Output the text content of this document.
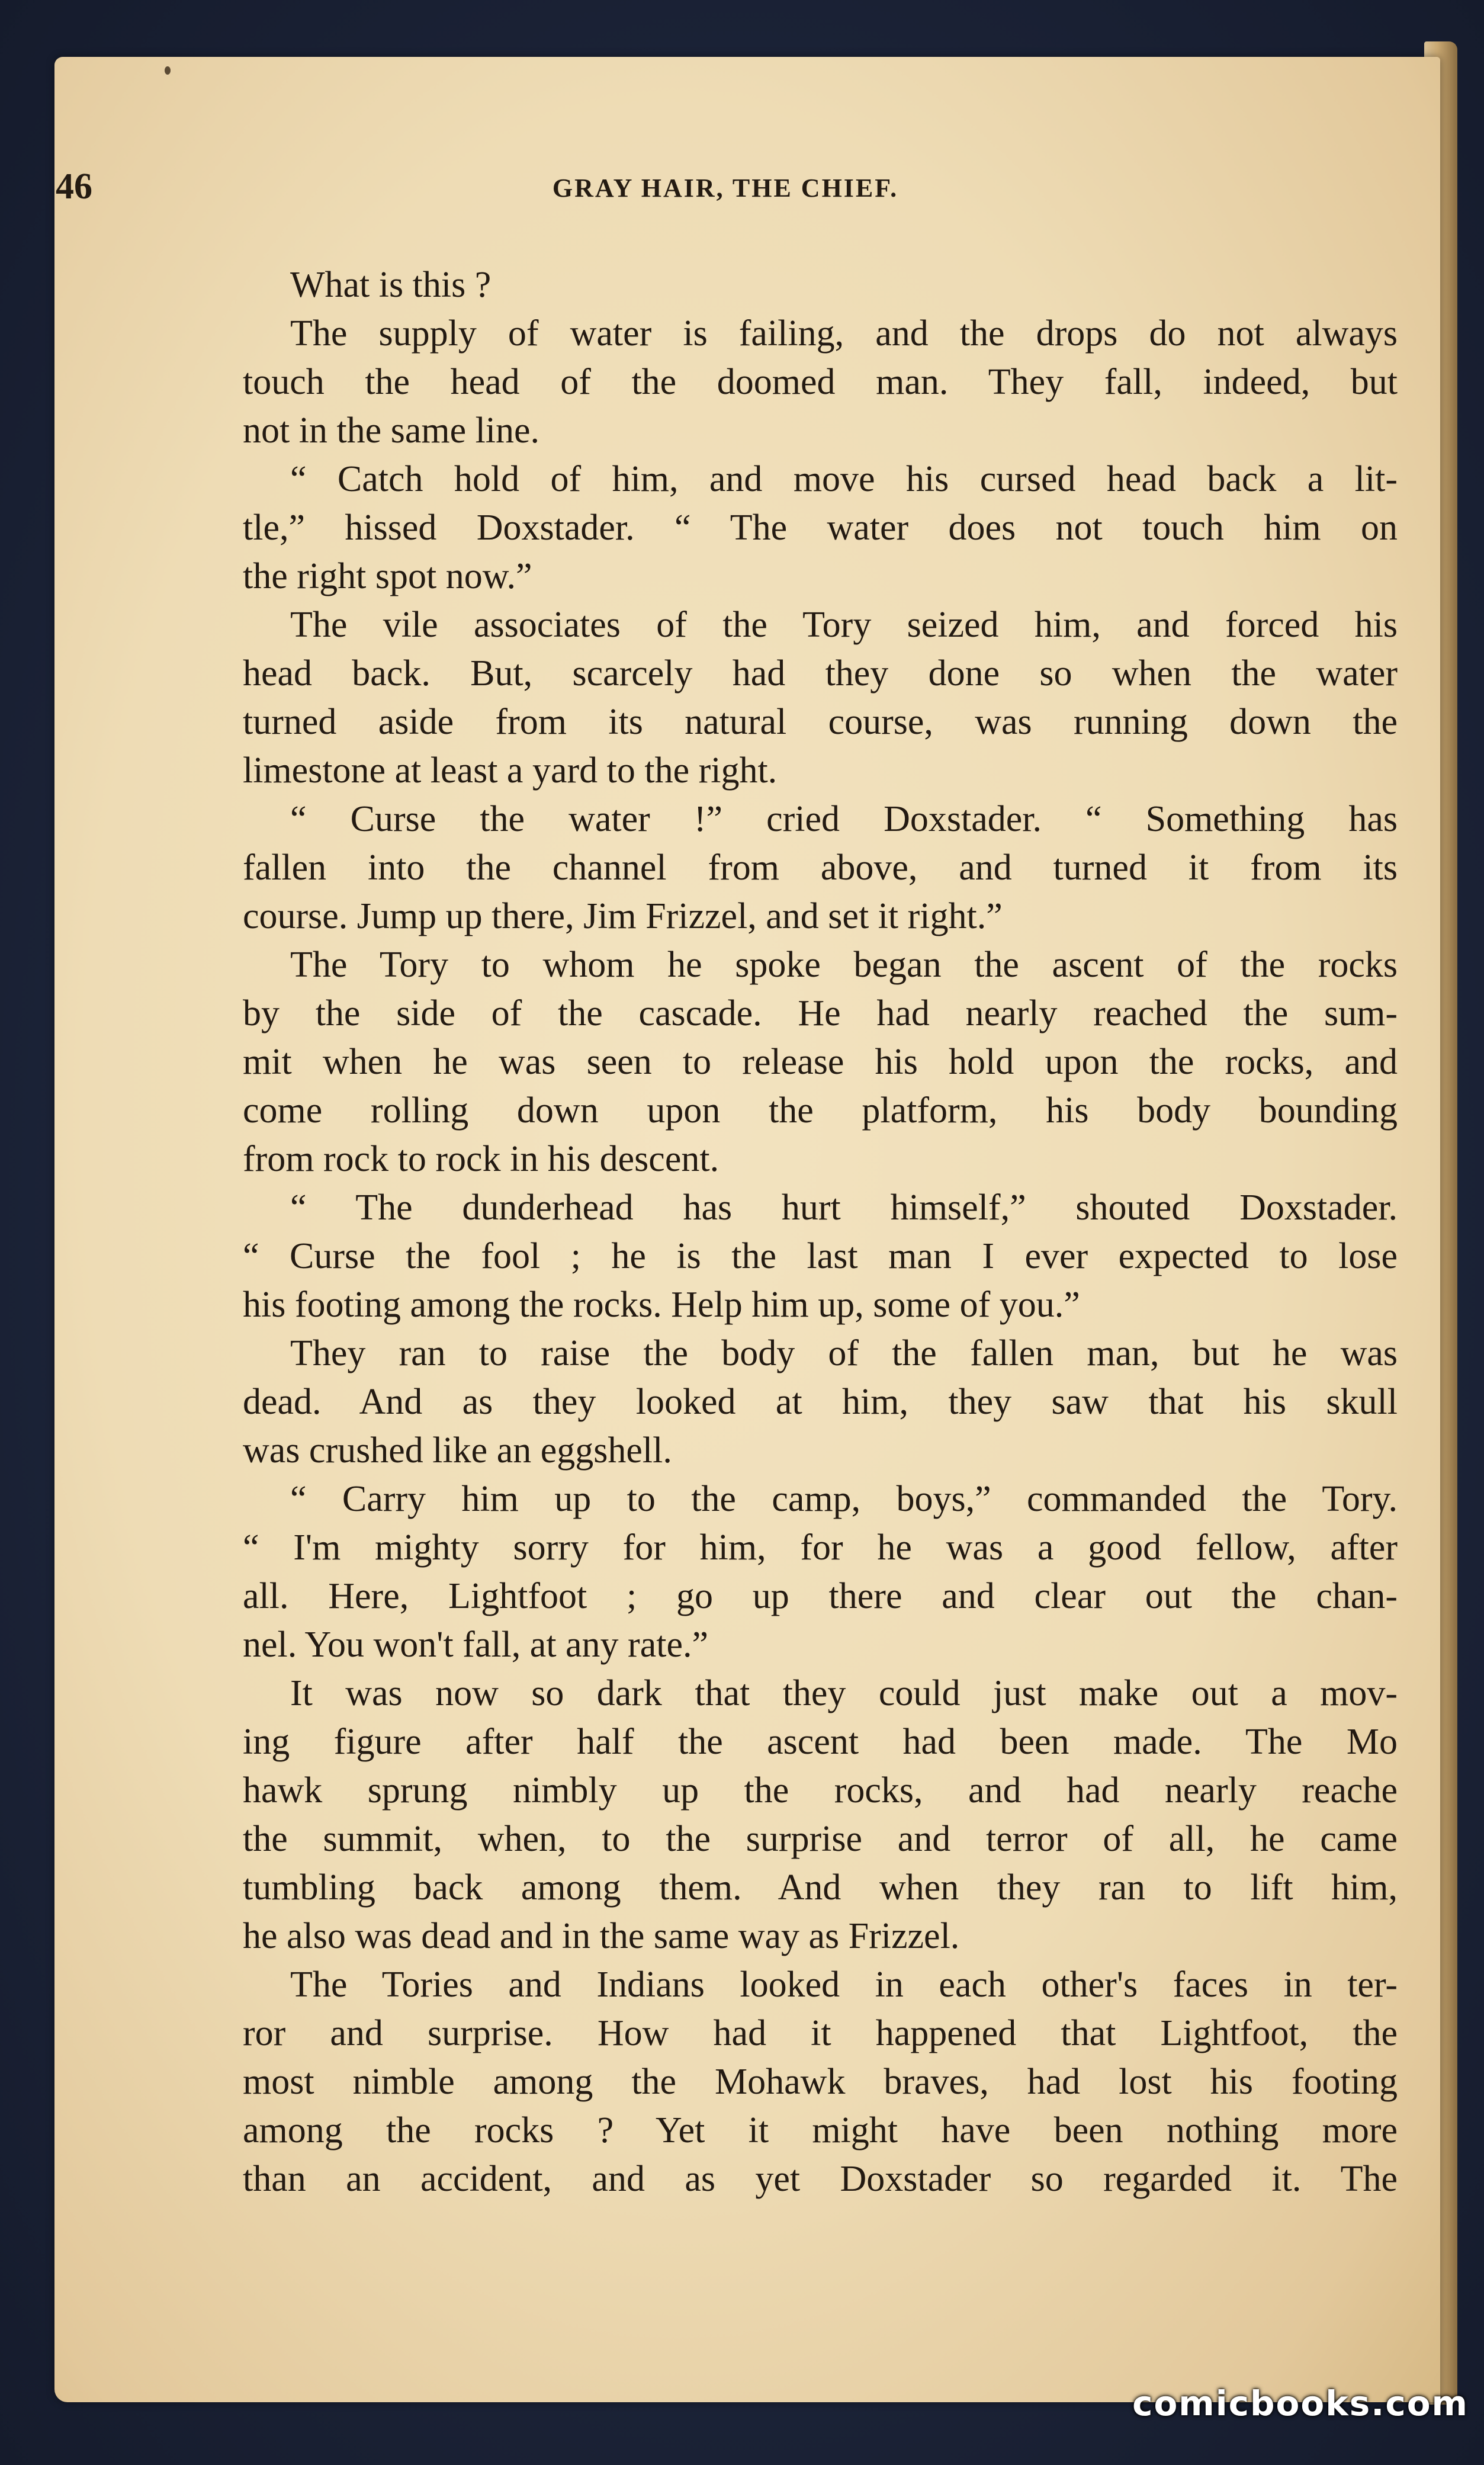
46	GRAY HAIR, THE CHIEF.
What is this ?
The supply of water is failing, and the drops do not always
touch the head of the doomed man. They fall, indeed, but
not in the same line.
“ Catch hold of him, and move his cursed head back a lit-
tle,” hissed Doxstader. “ The water does not touch him on
the right spot now.”
The vile associates of the Tory seized him, and forced his
head back. But, scarcely had they done so when the water
turned aside from its natural course, was running down the
limestone at least a yard to the right.
“ Curse the water !” cried Doxstader. “ Something has
fallen into the channel from above, and turned it from its
course. Jump up there, Jim Frizzel, and set it right.”
The Tory to whom he spoke began the ascent of the rocks
by the side of the cascade. He had nearly reached the sum-
mit when he was seen to release his hold upon the rocks, and
come rolling down upon the platform, his body bounding
from rock to rock in his descent.
“ The dunderhead has hurt himself,” shouted Doxstader.
“ Curse the fool ; he is the last man I ever expected to lose
his footing among the rocks. Help him up, some of you.”
They ran to raise the body of the fallen man, but he was
dead. And as they looked at him, they saw that his skull
was crushed like an eggshell.
“ Carry him up to the camp, boys,” commanded the Tory.
“ I'm mighty sorry for him, for he was a good fellow, after
all. Here, Lightfoot ; go up there and clear out the chan-
nel. You won't fall, at any rate.”
It was now so dark that they could just make out a mov-
ing figure after half the ascent had been made. The Mo
hawk sprung nimbly up the rocks, and had nearly reache
the summit, when, to the surprise and terror of all, he came
tumbling back among them. And when they ran to lift him,
he also was dead and in the same way as Frizzel.
The Tories and Indians looked in each other's faces in ter-
ror and surprise. How had it happened that Lightfoot, the
most nimble among the Mohawk braves, had lost his footing
among the rocks ? Yet it might have been nothing more
than an accident, and as yet Doxstader so regarded it. The
comicbooks.com
